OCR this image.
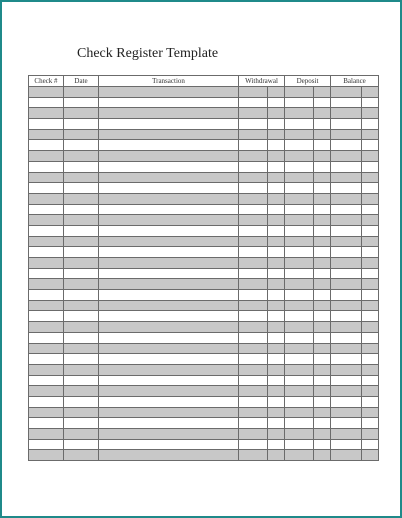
Check Register Template
Check #	Date	Transaction	Withdrawal		Deposit		Balance	
